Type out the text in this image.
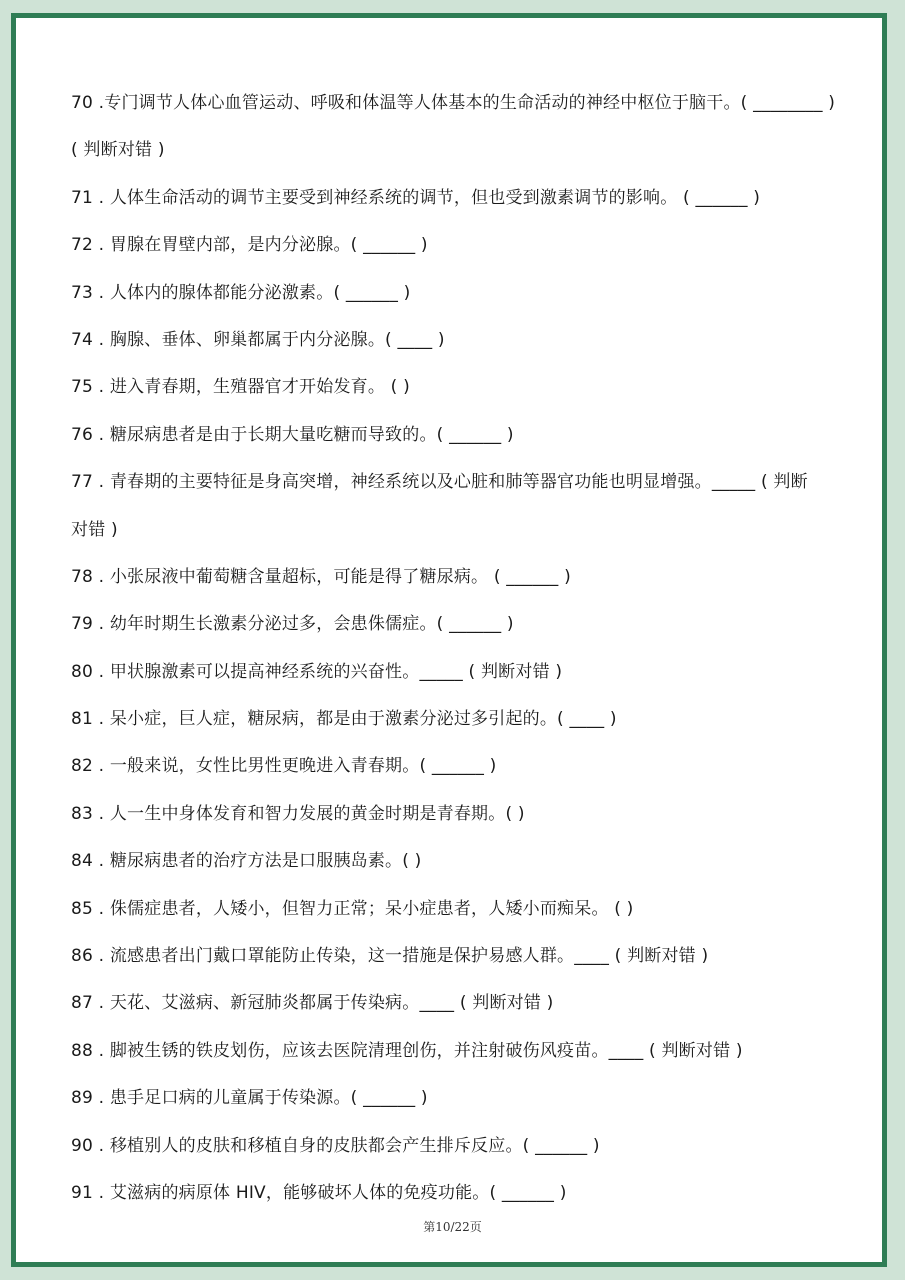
70 .专门调节人体心血管运动、呼吸和体温等人体基本的生命活动的神经中枢位于脑干。( ________ )
( 判断对错 )
71 . 人体生命活动的调节主要受到神经系统的调节，但也受到激素调节的影响。 ( ______ )
72 . 胃腺在胃壁内部，是内分泌腺。( ______ )
73 . 人体内的腺体都能分泌激素。( ______ )
74 . 胸腺、垂体、卵巢都属于内分泌腺。( ____ )
75 . 进入青春期，生殖器官才开始发育。 ( )
76 . 糖尿病患者是由于长期大量吃糖而导致的。( ______ )
77 . 青春期的主要特征是身高突增，神经系统以及心脏和肺等器官功能也明显增强。_____ ( 判断
对错 )
78 . 小张尿液中葡萄糖含量超标，可能是得了糖尿病。 ( ______ )
79 . 幼年时期生长激素分泌过多，会患侏儒症。( ______ )
80 . 甲状腺激素可以提高神经系统的兴奋性。_____ ( 判断对错 )
81 . 呆小症，巨人症，糖尿病，都是由于激素分泌过多引起的。( ____ )
82 . 一般来说，女性比男性更晚进入青春期。( ______ )
83 . 人一生中身体发育和智力发展的黄金时期是青春期。( )
84 . 糖尿病患者的治疗方法是口服胰岛素。( )
85 . 侏儒症患者，人矮小，但智力正常；呆小症患者，人矮小而痴呆。 ( )
86 . 流感患者出门戴口罩能防止传染，这一措施是保护易感人群。____ ( 判断对错 )
87 . 天花、艾滋病、新冠肺炎都属于传染病。____ ( 判断对错 )
88 . 脚被生锈的铁皮划伤，应该去医院清理创伤，并注射破伤风疫苗。____ ( 判断对错 )
89 . 患手足口病的儿童属于传染源。( ______ )
90 . 移植别人的皮肤和移植自身的皮肤都会产生排斥反应。( ______ )
91 . 艾滋病的病原体 HIV，能够破坏人体的免疫功能。( ______ )
第10/22页
